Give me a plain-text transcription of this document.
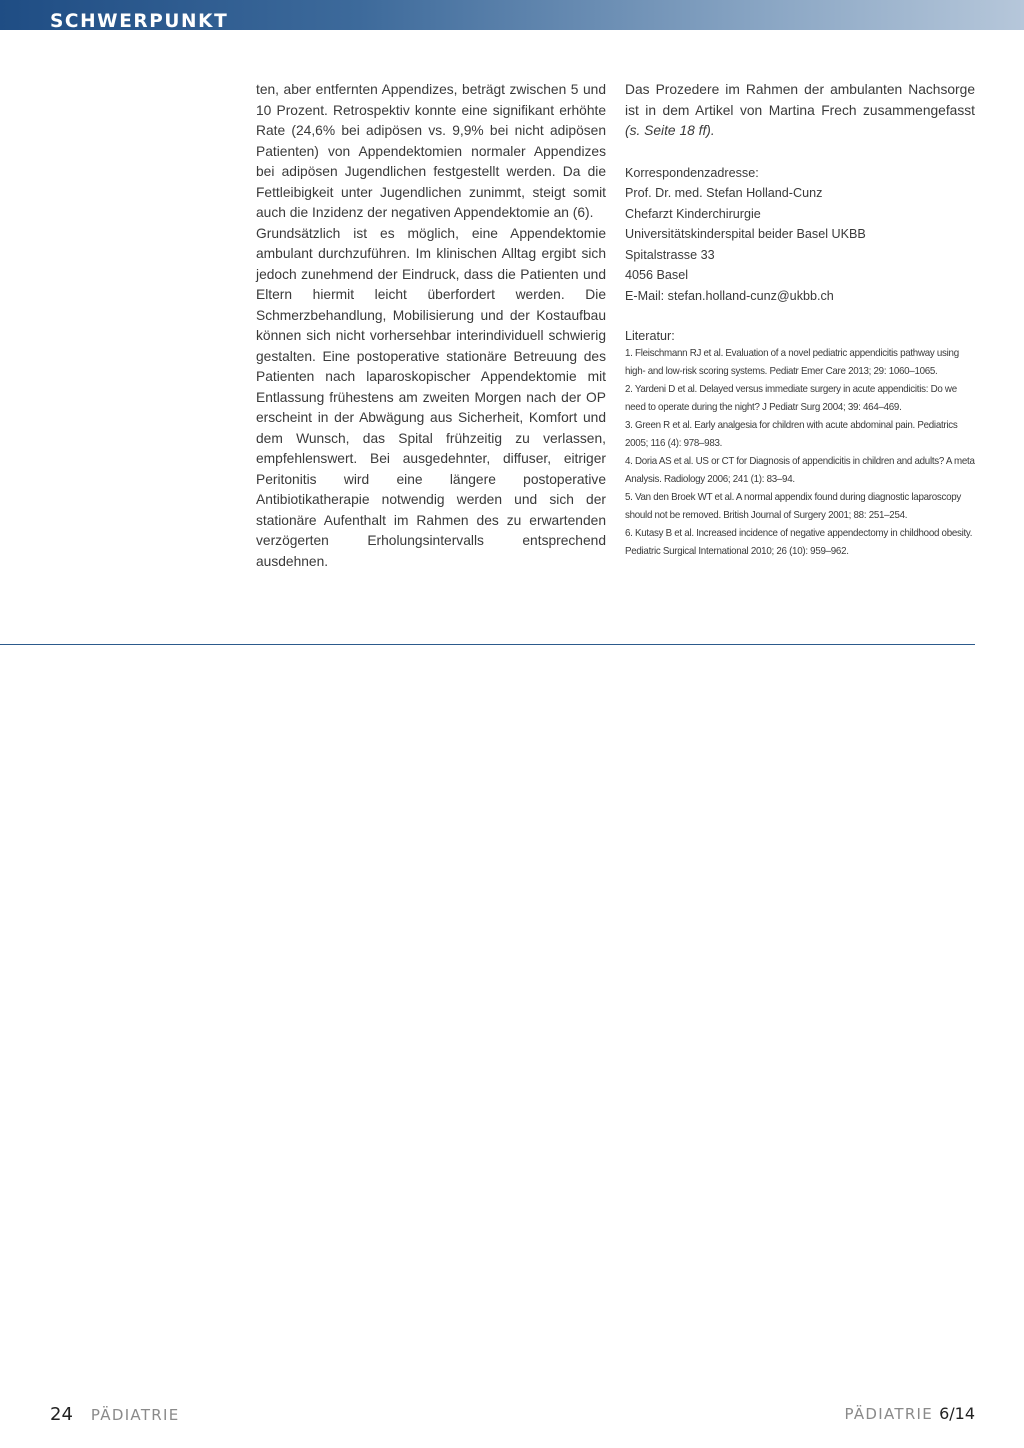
SCHWERPUNKT

ten, aber entfernten Appendizes, beträgt zwischen 5 und 10 Prozent. Retrospektiv konnte eine signifikant erhöhte Rate (24,6% bei adipösen vs. 9,9% bei nicht adipösen Patienten) von Appendektomien normaler Appendizes bei adipösen Jugendlichen festgestellt werden. Da die Fettleibigkeit unter Jugendlichen zunimmt, steigt somit auch die Inzidenz der negativen Appendektomie an (6).

Grundsätzlich ist es möglich, eine Appendektomie ambulant durchzuführen. Im klinischen Alltag ergibt sich jedoch zunehmend der Eindruck, dass die Patienten und Eltern hiermit leicht überfordert werden. Die Schmerzbehandlung, Mobilisierung und der Kostaufbau können sich nicht vorhersehbar interindividuell schwierig gestalten. Eine postoperative stationäre Betreuung des Patienten nach laparoskopischer Appendektomie mit Entlassung frühestens am zweiten Morgen nach der OP erscheint in der Abwägung aus Sicherheit, Komfort und dem Wunsch, das Spital frühzeitig zu verlassen, empfehlenswert. Bei ausgedehnter, diffuser, eitriger Peritonitis wird eine längere postoperative Antibiotikatherapie notwendig werden und sich der stationäre Aufenthalt im Rahmen des zu erwartenden verzögerten Erholungsintervalls entsprechend ausdehnen.

Das Prozedere im Rahmen der ambulanten Nachsorge ist in dem Artikel von Martina Frech zusammengefasst (s. Seite 18 ff).

Korrespondenzadresse:
Prof. Dr. med. Stefan Holland-Cunz
Chefarzt Kinderchirurgie
Universitätskinderspital beider Basel UKBB
Spitalstrasse 33
4056 Basel
E-Mail: stefan.holland-cunz@ukbb.ch
Literatur:
1. Fleischmann RJ et al. Evaluation of a novel pediatric appendicitis pathway using high- and low-risk scoring systems. Pediatr Emer Care 2013; 29: 1060–1065.
2. Yardeni D et al. Delayed versus immediate surgery in acute appendicitis: Do we need to operate during the night? J Pediatr Surg 2004; 39: 464–469.
3. Green R et al. Early analgesia for children with acute abdominal pain. Pediatrics 2005; 116 (4): 978–983.
4. Doria AS et al. US or CT for Diagnosis of appendicitis in children and adults? A meta Analysis. Radiology 2006; 241 (1): 83–94.
5. Van den Broek WT et al. A normal appendix found during diagnostic laparoscopy should not be removed. British Journal of Surgery 2001; 88: 251–254.
6. Kutasy B et al. Increased incidence of negative appendectomy in childhood obesity. Pediatric Surgical International 2010; 26 (10): 959–962.
24 PÄDIATRIE	PÄDIATRIE 6/14
